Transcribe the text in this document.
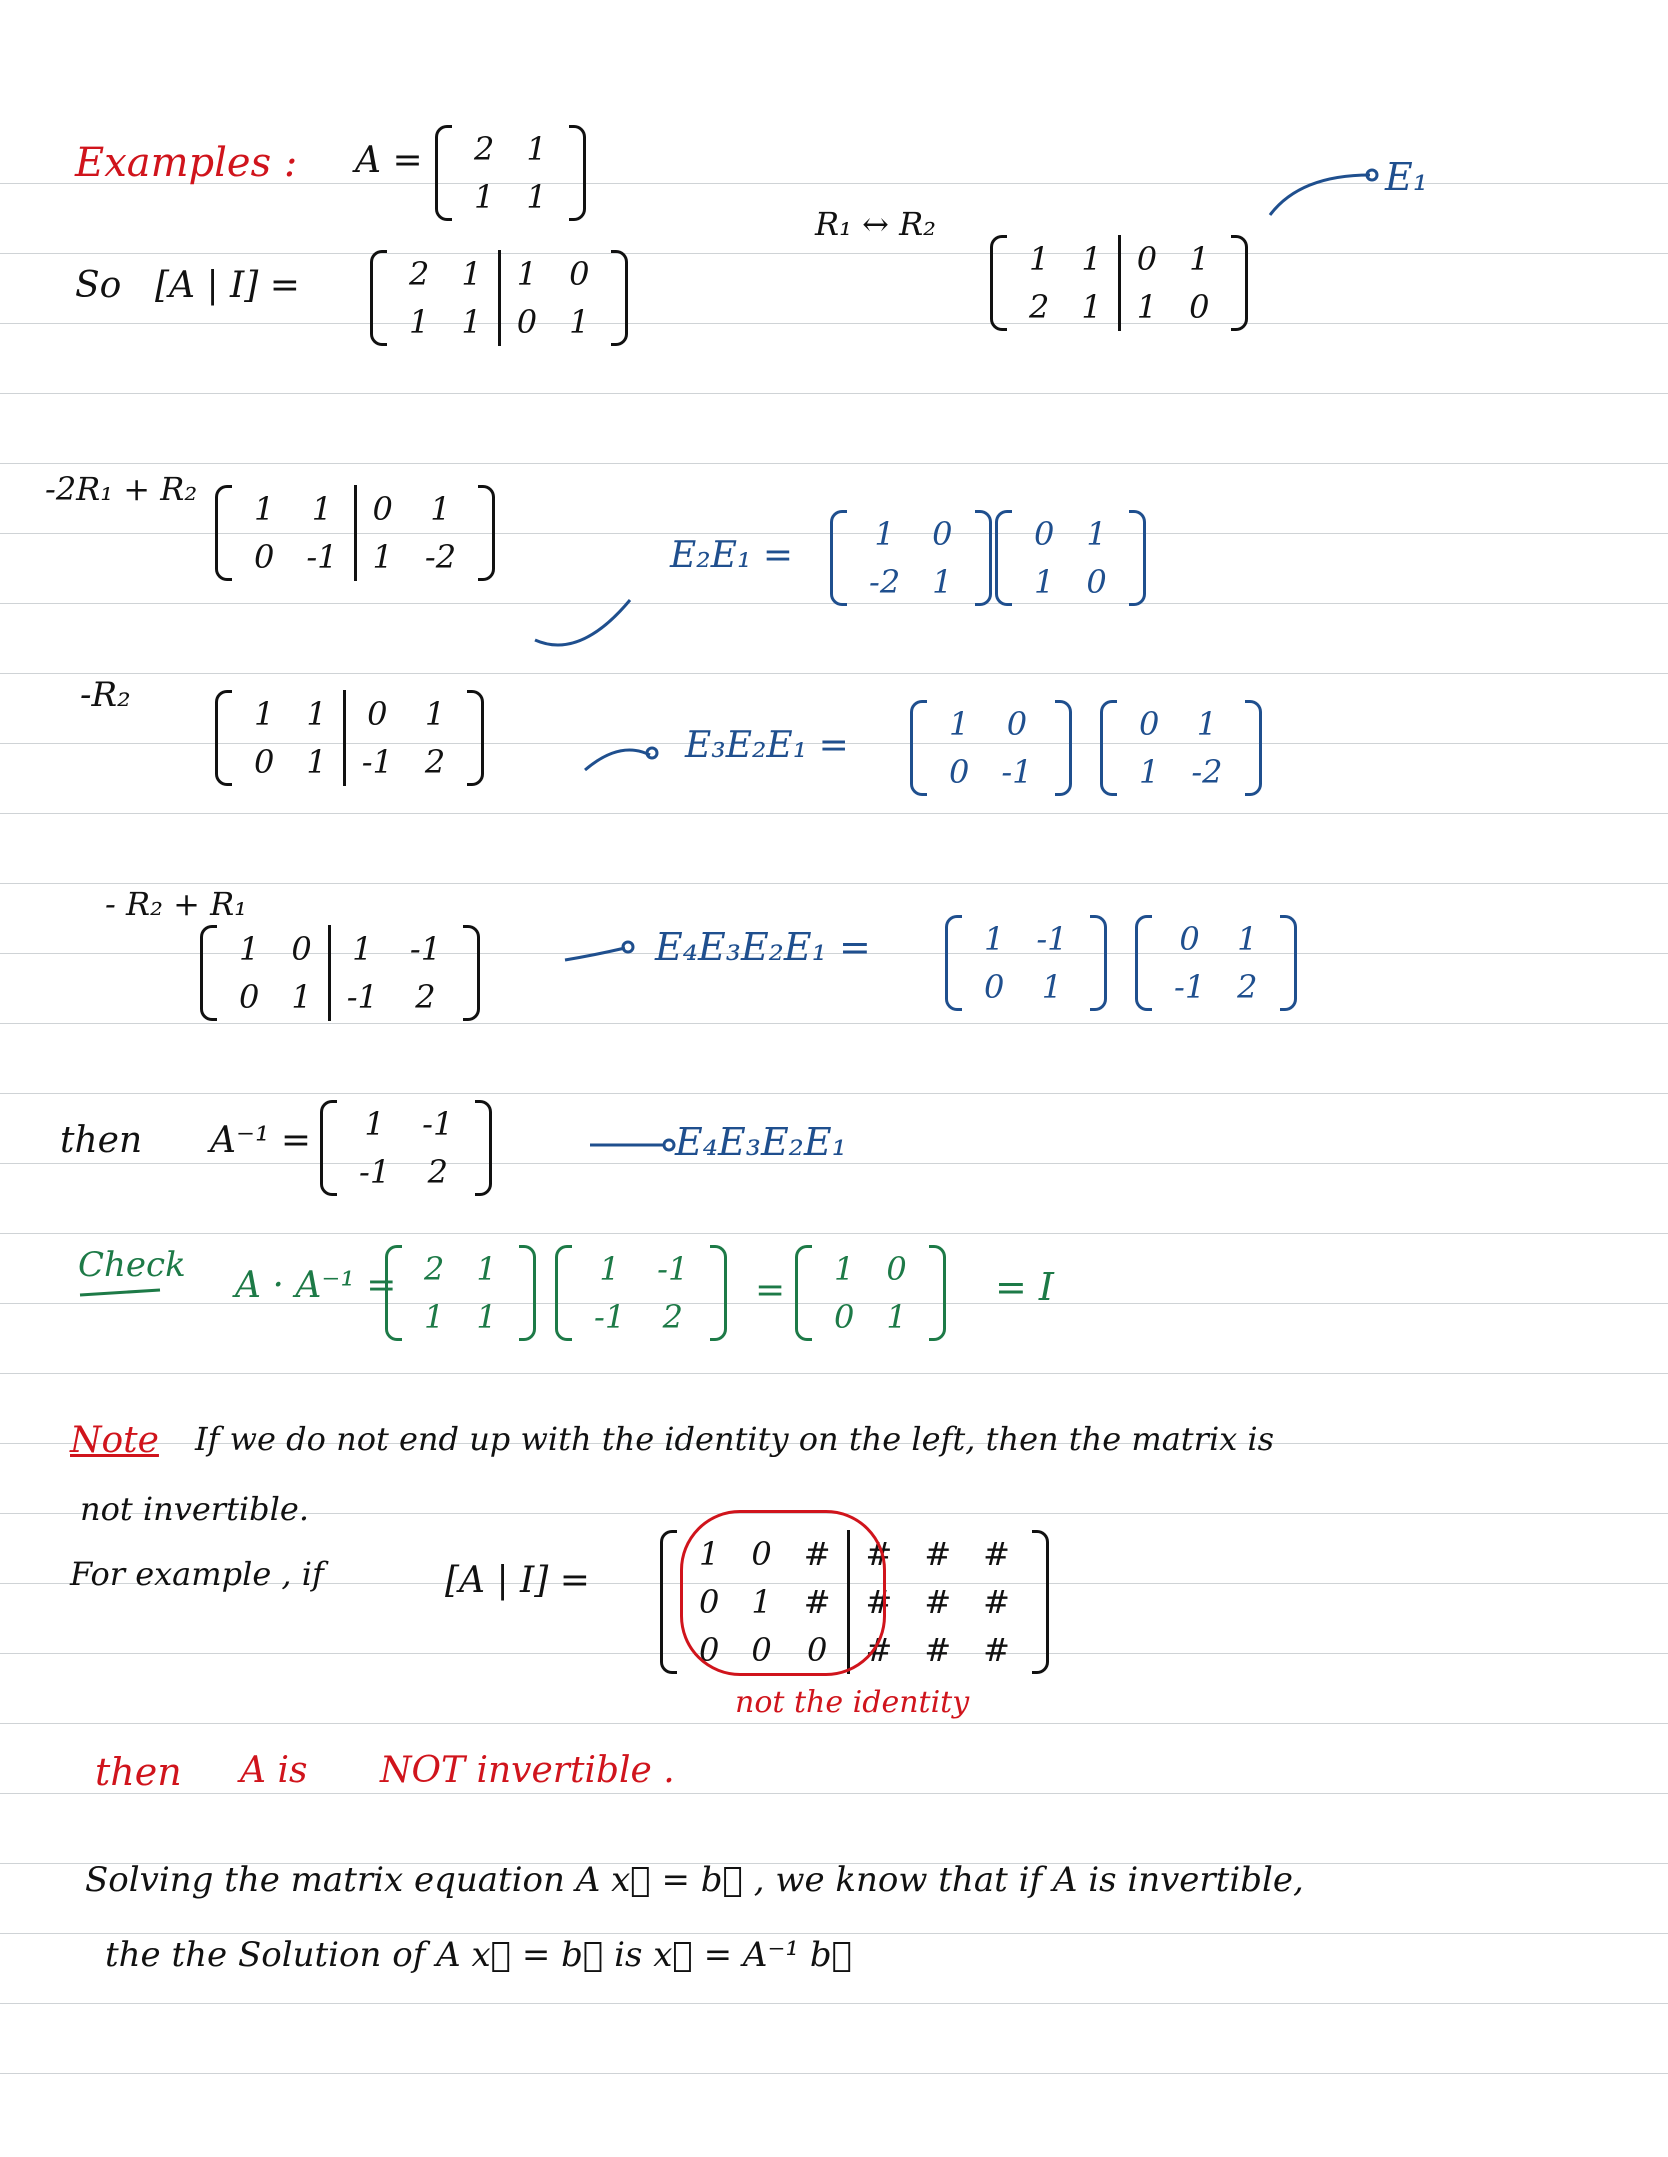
Examples : A = 2	1
1	1
So [A | I] =	2	1	1	0
1	1	0	1
R₁ ↔ R₂
1	1	0	1
2	1	1	0
E₁
-2R₁ + R₂
1	1	0	1
0	-1	1	-2	E₂E₁ =
1	0
-2	1
0	1
1	0
-R₂	1	1	0	1
0	1	-1	2	E₃E₂E₁ =
1	0
0	-1
0	1
1	-2
- R₂ + R₁
1	0	1	-1
0	1	-1	2
E₄E₃E₂E₁ =	1	-1
0	1
0	1
-1	2
then A⁻¹ = 1	-1
-1	2
E₄E₃E₂E₁
Check A · A⁻¹ = 2	1
1	1
1	-1
-1	2
=
1	0
0	1
= I
Note If we do not end up with the identity on the left, then the matrix is
not invertible.
For example , if	[A | I] =
1	0	#	#	#	#
0	1	#	#	#	#
0	0	0	#	#	#
not the identity
then A is NOT invertible .
Solving the matrix equation A x⃗ = b⃗ , we know that if A is invertible,
the the Solution of A x⃗ = b⃗ is x⃗ = A⁻¹ b⃗
